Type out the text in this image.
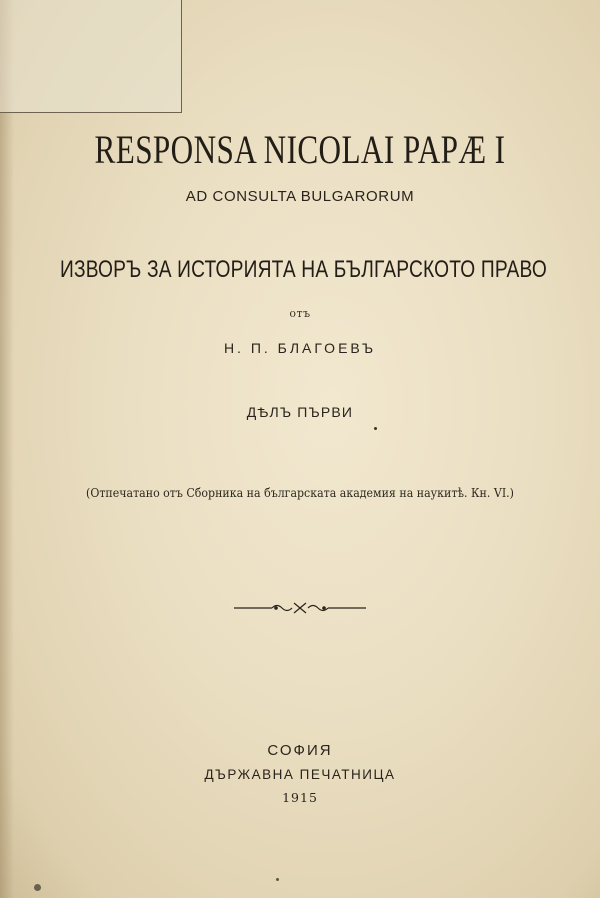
RESPONSA NICOLAI PAPÆ I
AD CONSULTA BULGARORUM
ИЗВОРЪ ЗА ИСТОРИЯТА НА БЪЛГАРСКОТО ПРАВО
отъ
Н. П. БЛАГОЕВЪ
ДѢЛЪ ПЪРВИ
(Отпечатано отъ Сборника на българската академия на наукитѣ. Кн. VI.)
СОФИЯ
ДЪРЖАВНА ПЕЧАТНИЦА
1915
